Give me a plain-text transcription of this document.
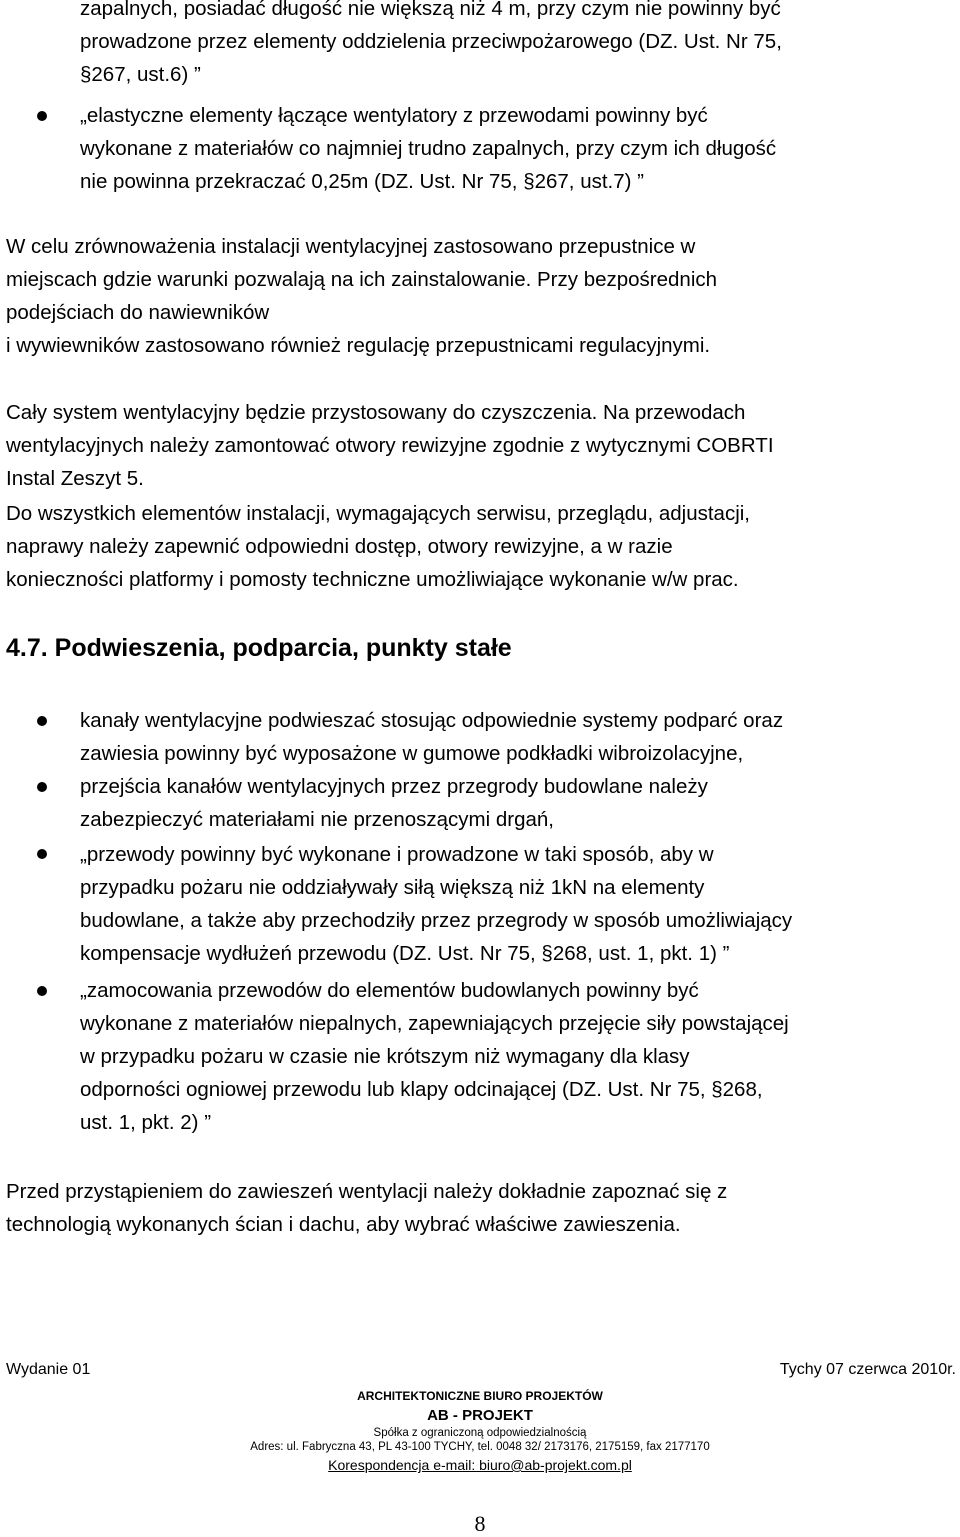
zapalnych, posiadać długość nie większą niż 4 m, przy czym nie powinny być

prowadzone przez elementy oddzielenia przeciwpożarowego (DZ. Ust. Nr 75,

§267, ust.6) ”

„elastyczne elementy łączące wentylatory z przewodami powinny być

wykonane z materiałów co najmniej trudno zapalnych, przy czym ich długość

nie powinna przekraczać 0,25m (DZ. Ust. Nr 75, §267, ust.7) ”

W celu zrównoważenia instalacji wentylacyjnej zastosowano przepustnice w

miejscach gdzie warunki pozwalają na ich zainstalowanie. Przy bezpośrednich

podejściach do nawiewników

i wywiewników zastosowano również regulację przepustnicami regulacyjnymi.

Cały system wentylacyjny będzie przystosowany do czyszczenia. Na przewodach

wentylacyjnych należy zamontować otwory rewizyjne zgodnie z wytycznymi COBRTI

Instal Zeszyt 5.

Do wszystkich elementów instalacji, wymagających serwisu, przeglądu, adjustacji,

naprawy należy zapewnić odpowiedni dostęp, otwory rewizyjne, a w razie

konieczności platformy i pomosty techniczne umożliwiające wykonanie w/w prac.

4.7. Podwieszenia, podparcia, punkty stałe

kanały wentylacyjne podwieszać stosując odpowiednie systemy podparć oraz

zawiesia powinny być wyposażone w gumowe podkładki wibroizolacyjne,

przejścia kanałów wentylacyjnych przez przegrody budowlane należy

zabezpieczyć materiałami nie przenoszącymi drgań,

„przewody powinny być wykonane i prowadzone w taki sposób, aby w

przypadku pożaru nie oddziaływały siłą większą niż 1kN na elementy

budowlane, a także aby przechodziły przez przegrody w sposób umożliwiający

kompensacje wydłużeń przewodu (DZ. Ust. Nr 75, §268, ust. 1, pkt. 1) ”

„zamocowania przewodów do elementów budowlanych powinny być

wykonane z materiałów niepalnych, zapewniających przejęcie siły powstającej

w przypadku pożaru w czasie nie krótszym niż wymagany dla klasy

odporności ogniowej przewodu lub klapy odcinającej (DZ. Ust. Nr 75, §268,

ust. 1, pkt. 2) ”

Przed przystąpieniem do zawieszeń wentylacji należy dokładnie zapoznać się z

technologią wykonanych ścian i dachu, aby wybrać właściwe zawieszenia.

Wydanie 01	Tychy 07 czerwca 2010r.
ARCHITEKTONICZNE BIURO PROJEKTÓW
AB - PROJEKT
Spółka z ograniczoną odpowiedzialnością
Adres: ul. Fabryczna 43, PL 43-100 TYCHY, tel. 0048 32/ 2173176, 2175159, fax 2177170
Korespondencja e-mail: biuro@ab-projekt.com.pl
8
